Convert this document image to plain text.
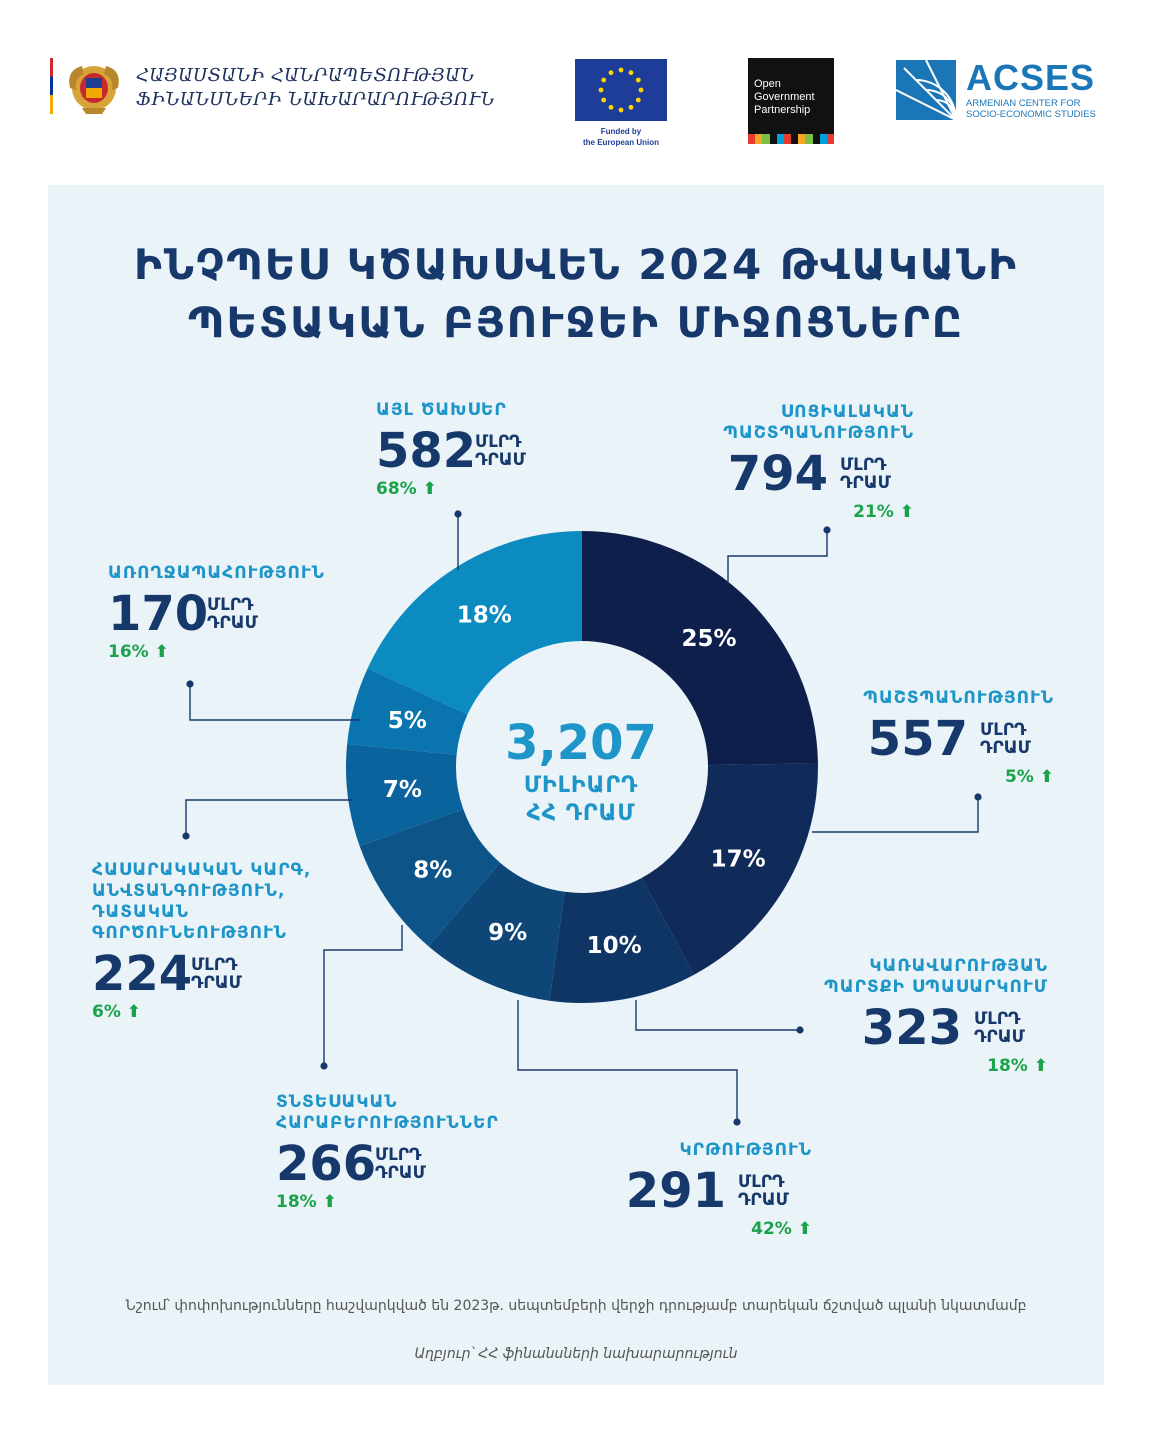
ՀԱՅԱՍՏԱՆԻ ՀԱՆՐԱՊԵՏՈՒԹՅԱՆ
ՖԻՆԱՆՍՆԵՐԻ ՆԱԽԱՐԱՐՈՒԹՅՈՒՆ
Funded by
the European Union
Open
Government
Partnership
ACSES
ARMENIAN CENTER FOR
SOCIO-ECONOMIC STUDIES
ԻՆՉՊԵՍ ԿԾԱԽՍՎԵՆ 2024 ԹՎԱԿԱՆԻ
ՊԵՏԱԿԱՆ ԲՅՈՒՋԵԻ ՄԻՋՈՑՆԵՐԸ
25%
17%
10%
9%
8%
7%
5%
18%
3,207
ՄԻԼԻԱՐԴ
ՀՀ ԴՐԱՄ
ՍՈՑԻԱԼԱԿԱՆ
ՊԱՇՏՊԱՆՈՒԹՅՈՒՆ
ՄԼՐԴ
ԴՐԱՄ
794
21% ⬆
ՊԱՇՏՊԱՆՈՒԹՅՈՒՆ
ՄԼՐԴ
ԴՐԱՄ
557
5% ⬆
ԿԱՌԱՎԱՐՈՒԹՅԱՆ
ՊԱՐՏՔԻ ՍՊԱՍԱՐԿՈՒՄ
ՄԼՐԴ
ԴՐԱՄ
323
18% ⬆
ԿՐԹՈՒԹՅՈՒՆ
ՄԼՐԴ
ԴՐԱՄ
291
42% ⬆
ՏՆՏԵՍԱԿԱՆ
ՀԱՐԱԲԵՐՈՒԹՅՈՒՆՆԵՐ
266
ՄԼՐԴ
ԴՐԱՄ
18% ⬆
ՀԱՍԱՐԱԿԱԿԱՆ ԿԱՐԳ,
ԱՆՎՏԱՆԳՈՒԹՅՈՒՆ,
ԴԱՏԱԿԱՆ
ԳՈՐԾՈՒՆԵՈՒԹՅՈՒՆ
224
ՄԼՐԴ
ԴՐԱՄ
6% ⬆
ԱՌՈՂՋԱՊԱՀՈՒԹՅՈՒՆ
170
ՄԼՐԴ
ԴՐԱՄ
16% ⬆
ԱՅԼ ԾԱԽՍԵՐ
582
ՄԼՐԴ
ԴՐԱՄ
68% ⬆
Նշում՝ փոփոխությունները հաշվարկված են 2023թ. սեպտեմբերի վերջի դրությամբ տարեկան ճշտված պլանի նկատմամբ
Աղբյուր՝ ՀՀ ֆինանսների նախարարություն
